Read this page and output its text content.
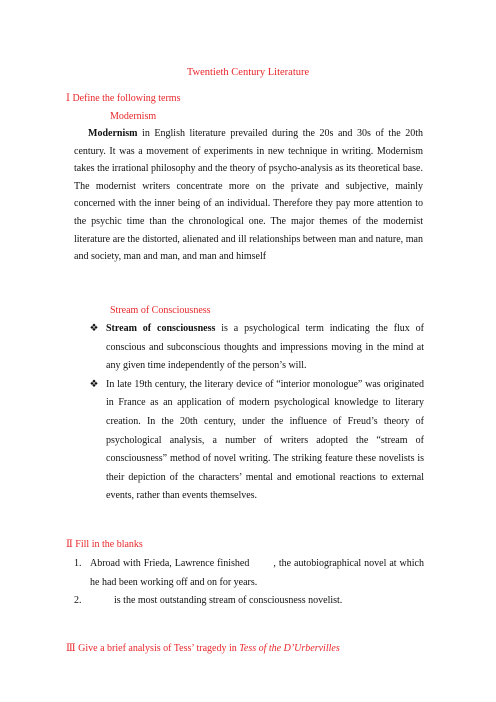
Twentieth Century Literature
Ⅰ Define the following terms
Modernism

Modernism in English literature prevailed during the 20s and 30s of the 20th century. It was a movement of experiments in new technique in writing. Modernism takes the irrational philosophy and the theory of psycho-analysis as its theoretical base. The modernist writers concentrate more on the private and subjective, mainly concerned with the inner being of an individual. Therefore they pay more attention to the psychic time than the chronological one. The major themes of the modernist literature are the distorted, alienated and ill relationships between man and nature, man and society, man and man, and man and himself

Stream of Consciousness
❖ Stream of consciousness is a psychological term indicating the flux of conscious and subconscious thoughts and impressions moving in the mind at any given time independently of the person’s will.
❖ In late 19th century, the literary device of “interior monologue” was originated in France as an application of modern psychological knowledge to literary creation. In the 20th century, under the influence of Freud’s theory of psychological analysis, a number of writers adopted the “stream of consciousness” method of novel writing. The striking feature these novelists is their depiction of the characters’ mental and emotional reactions to external events, rather than events themselves.
Ⅱ Fill in the blanks
1. Abroad with Frieda, Lawrence finished , the autobiographical novel at which he had been working off and on for years.
2.	is the most outstanding stream of consciousness novelist.
Ⅲ Give a brief analysis of Tess’ tragedy in Tess of the D’Urbervilles
